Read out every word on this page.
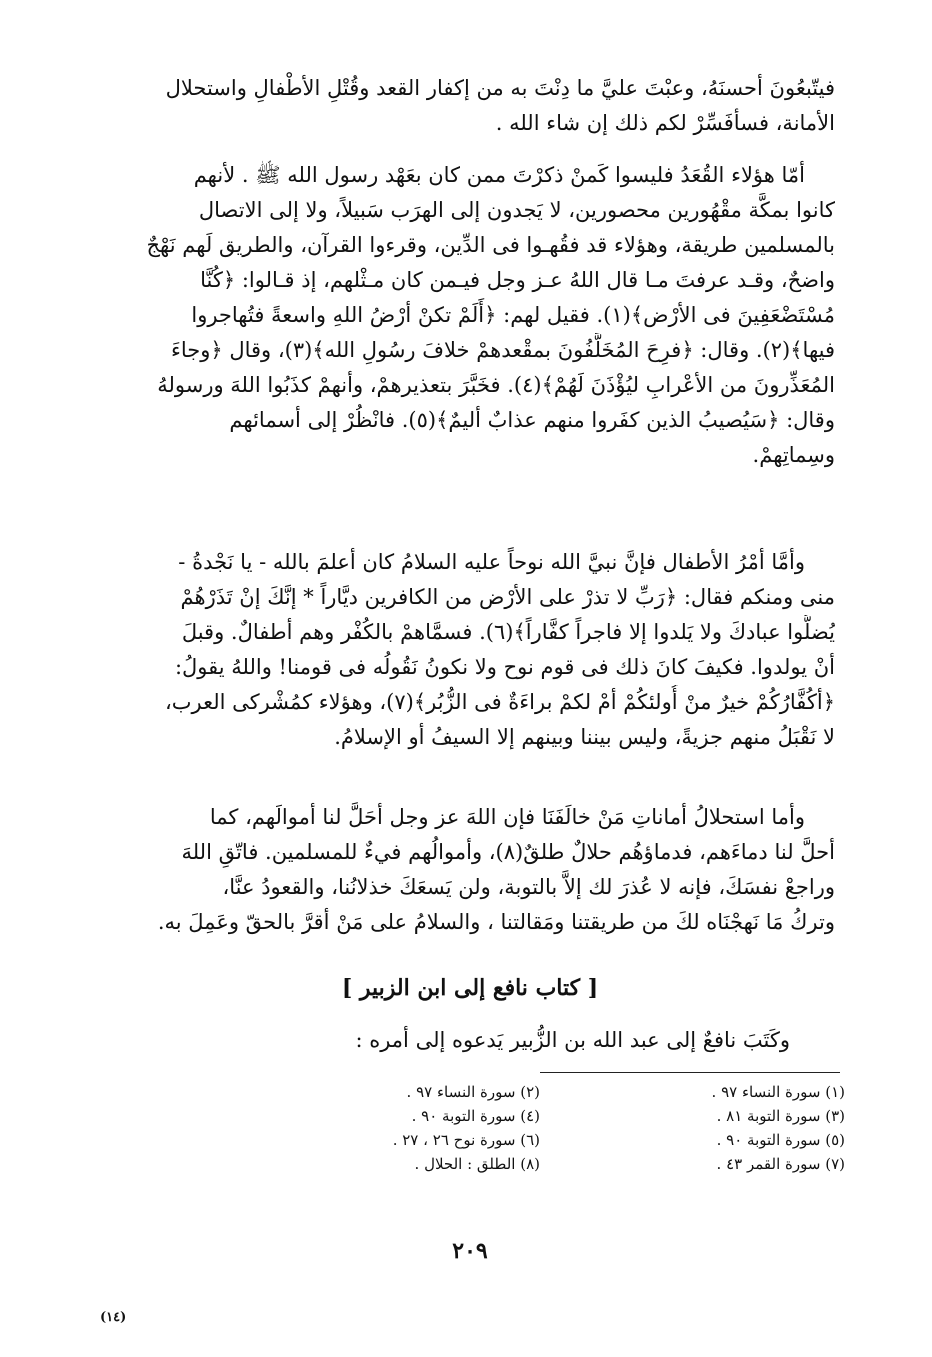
فيتّبعُونَ أحسنَهُ، وعبْتَ عليَّ ما دِنْتَ به من إكفار القعد وقُتْلِ الأطْفالِ واستحلال
الأمانة، فسأفَسِّرْ لكم ذلك إن شاء الله .
أمّا هؤلاء القُعَدُ فليسوا كَمنْ ذكرْتَ ممن كان بعَهْد رسول الله ﷺ . لأنهم
كانوا بمكَّة مقْهُورين محصورين، لا يَجدون إلى الهرَب سَبيلاً، ولا إلى الاتصال
بالمسلمين طريقة، وهؤلاء قد فقُهـوا فى الدِّين، وقرءوا القرآن، والطريق لَهم نَهْجٌ
واضحٌ، وقـد عرفتَ مـا قال اللهُ عـز وجل فيـمن كان مـثْلهم، إذ قـالوا: ﴿كُنَّا
مُسْتَضْعَفِينَ فى الأرْض﴾(١). فقيل لهم: ﴿أَلَمْ تكنْ أرْضُ اللهِ واسعةً فتُهاجروا
فيها﴾(٢). وقال: ﴿فرِحَ المُخَلَّفُونَ بمقْعدهمْ خلافَ رسُولِ الله﴾(٣)، وقال ﴿وجاءَ
المُعَذِّرونَ من الأعْرابِ ليُؤْذَنَ لَهُمْ﴾(٤). فخَبَّرَ بتعذيرهمْ، وأنهمْ كذَبُوا اللهَ ورسولهُ
وقال: ﴿سَيُصيبُ الذين كفَروا منهم عذابٌ أليمٌ﴾(٥). فانْظُرْ إلى أسمائهم
وسِماتِهمْ.
وأمَّا أمْرُ الأطفال فإنَّ نبيَّ الله نوحاً عليه السلامُ كان أعلمَ بالله - يا نَجْدةُ -
منى ومنكم فقال: ﴿رَبِّ لا تذرْ على الأرْض من الكافرين ديَّاراً * إنَّكَ إنْ تَذَرْهُمْ
يُضلُّوا عبادكَ ولا يَلدوا إلا فاجراً كفَّاراً﴾(٦). فسمَّاهمْ بالكُفْر وهم أطفالٌ. وقبلَ
أنْ يولدوا. فكيفَ كانَ ذلك فى قوم نوح ولا نكونُ نَقُولُه فى قومنا! واللهُ يقولُ:
﴿أكُفَّارُكُمْ خيرٌ منْ أُولئكُمْ أمْ لكمْ براءَةٌ فى الزُّبُر﴾(٧)، وهؤلاء كمُشْركى العرب،
لا نَقْبَلُ منهم جزيةً، وليس بيننا وبينهم إلا السيفُ أو الإسلامُ.
وأما استحلالُ أماناتِ مَنْ خالَفَنَا فإن اللهَ عز وجل أحَلَّ لنا أموالَهم، كما
أحلَّ لنا دماءَهم، فدماؤهُم حلالٌ طلقٌ(٨)، وأموالُهم فيءٌ للمسلمين. فاتّقِ اللهَ
وراجعْ نفسَكَ، فإنه لا عُذرَ لك إلاَّ بالتوبة، ولن يَسعَكَ خذلانُنا، والقعودُ عنَّا،
وتركُ مَا نَهجْنَاه لكَ من طريقتنا ومَقالتنا ، والسلامُ على مَنْ أقرَّ بالحقّ وعَمِلَ به.
[ كتاب نافع إلى ابن الزبير ]
وكَتَبَ نافعٌ إلى عبد الله بن الزُّبير يَدعوه إلى أمره :
(١) سورة النساء ٩٧ .
(٣) سورة التوبة ٨١ .
(٥) سورة التوبة ٩٠ .
(٧) سورة القمر ٤٣ .
(٢) سورة النساء ٩٧ .
(٤) سورة التوبة ٩٠ .
(٦) سورة نوح ٢٦ ، ٢٧ .
(٨) الطلق : الحلال .
٢٠٩
(١٤)
